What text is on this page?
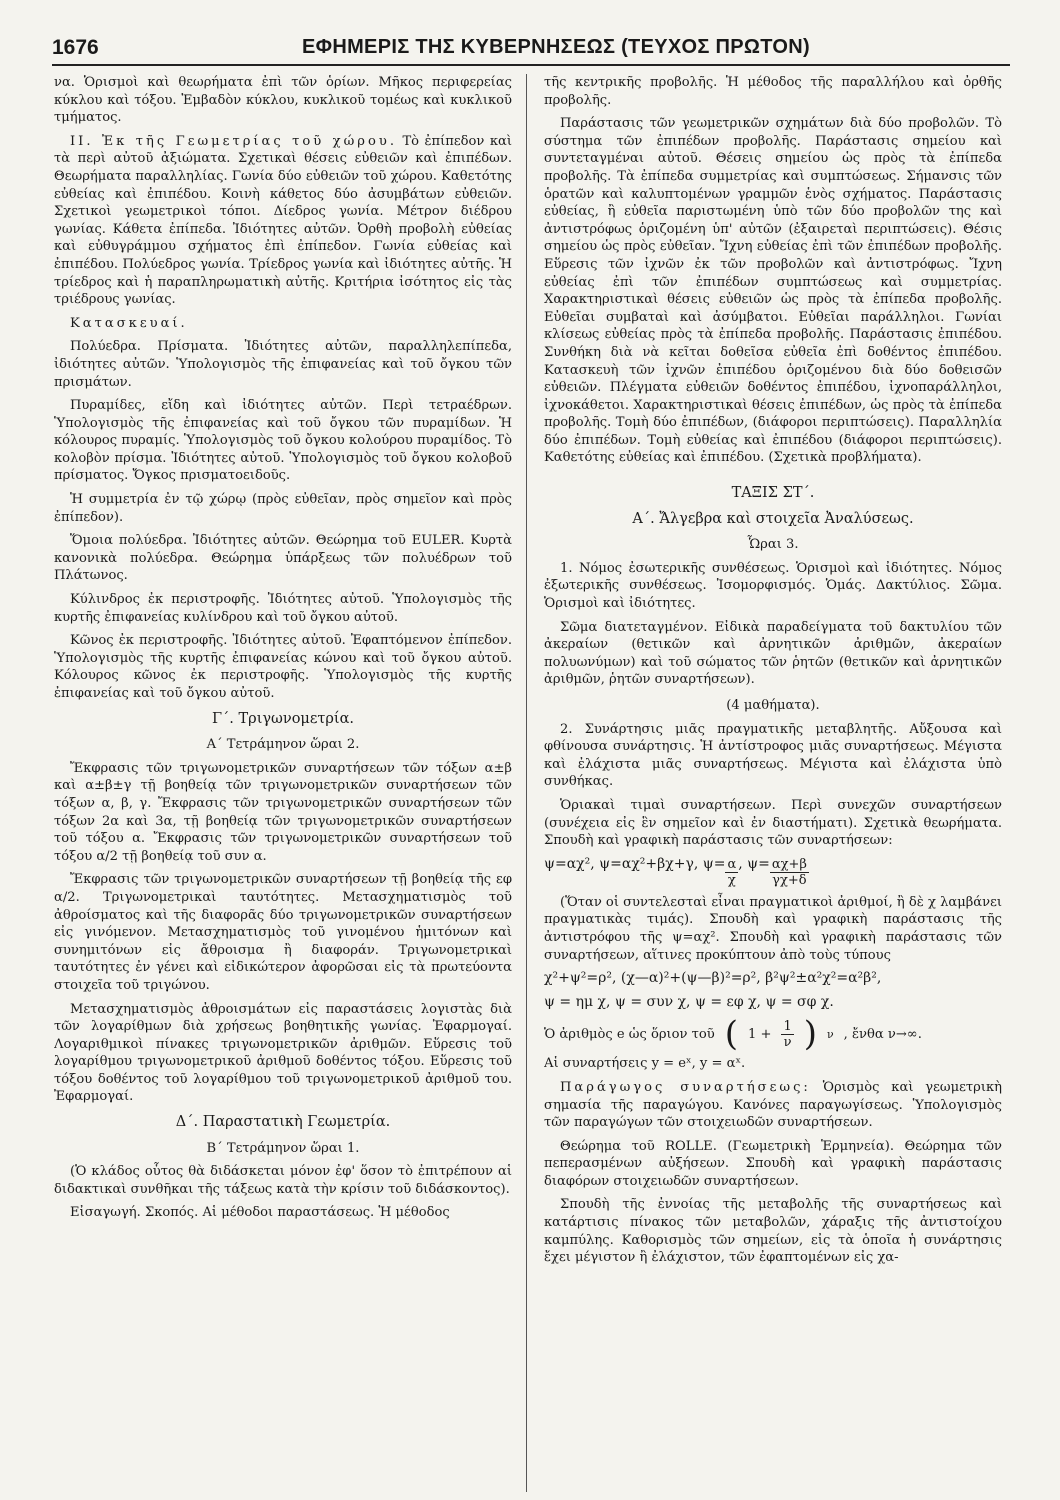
1676	ΕΦΗΜΕΡΙΣ ΤΗΣ ΚΥΒΕΡΝΗΣΕΩΣ (ΤΕΥΧΟΣ ΠΡΩΤΟΝ)

να. Ὁρισμοὶ καὶ θεωρήματα ἐπὶ τῶν ὁρίων. Μῆκος περιφερείας κύκλου καὶ τόξου. Ἐμβαδὸν κύκλου, κυκλικοῦ τομέως καὶ κυκλικοῦ τμήματος.

ΙΙ. Ἐκ τῆς Γεωμετρίας τοῦ χώρου. Τὸ ἐπίπεδον καὶ τὰ περὶ αὐτοῦ ἀξιώματα. Σχετικαὶ θέσεις εὐθειῶν καὶ ἐπιπέδων. Θεωρήματα παραλληλίας. Γωνία δύο εὐθειῶν τοῦ χώρου. Καθετότης εὐθείας καὶ ἐπιπέδου. Κοινὴ κάθετος δύο ἀσυμβάτων εὐθειῶν. Σχετικοὶ γεωμετρικοὶ τόποι. Δίεδρος γωνία. Μέτρον διέδρου γωνίας. Κάθετα ἐπίπεδα. Ἰδιότητες αὐτῶν. Ὀρθὴ προβολὴ εὐθείας καὶ εὐθυγράμμου σχήματος ἐπὶ ἐπίπεδον. Γωνία εὐθείας καὶ ἐπιπέδου. Πολύεδρος γωνία. Τρίεδρος γωνία καὶ ἰδιότητες αὐτῆς. Ἡ τρίεδρος καὶ ἡ παραπληρωματικὴ αὐτῆς. Κριτήρια ἰσότητος εἰς τὰς τριέδρους γωνίας.

Κατασκευαί.

Πολύεδρα. Πρίσματα. Ἰδιότητες αὐτῶν, παραλληλεπίπεδα, ἰδιότητες αὐτῶν. Ὑπολογισμὸς τῆς ἐπιφανείας καὶ τοῦ ὄγκου τῶν πρισμάτων.

Πυραμίδες, εἴδη καὶ ἰδιότητες αὐτῶν. Περὶ τετραέδρων. Ὑπολογισμὸς τῆς ἐπιφανείας καὶ τοῦ ὄγκου τῶν πυραμίδων. Ἡ κόλουρος πυραμίς. Ὑπολογισμὸς τοῦ ὄγκου κολούρου πυραμίδος. Τὸ κολοβὸν πρίσμα. Ἰδιότητες αὐτοῦ. Ὑπολογισμὸς τοῦ ὄγκου κολοβοῦ πρίσματος. Ὄγκος πρισματοειδοῦς.

Ἡ συμμετρία ἐν τῷ χώρῳ (πρὸς εὐθεῖαν, πρὸς σημεῖον καὶ πρὸς ἐπίπεδον).

Ὅμοια πολύεδρα. Ἰδιότητες αὐτῶν. Θεώρημα τοῦ EULER. Κυρτὰ κανονικὰ πολύεδρα. Θεώρημα ὑπάρξεως τῶν πολυέδρων τοῦ Πλάτωνος.

Κύλινδρος ἐκ περιστροφῆς. Ἰδιότητες αὐτοῦ. Ὑπολογισμὸς τῆς κυρτῆς ἐπιφανείας κυλίνδρου καὶ τοῦ ὄγκου αὐτοῦ.

Κῶνος ἐκ περιστροφῆς. Ἰδιότητες αὐτοῦ. Ἐφαπτόμενον ἐπίπεδον. Ὑπολογισμὸς τῆς κυρτῆς ἐπιφανείας κώνου καὶ τοῦ ὄγκου αὐτοῦ. Κόλουρος κῶνος ἐκ περιστροφῆς. Ὑπολογισμὸς τῆς κυρτῆς ἐπιφανείας καὶ τοῦ ὄγκου αὐτοῦ.

Γ΄. Τριγωνομετρία.

Α΄ Τετράμηνον ὥραι 2.

Ἔκφρασις τῶν τριγωνομετρικῶν συναρτήσεων τῶν τόξων α±β καὶ α±β±γ τῇ βοηθείᾳ τῶν τριγωνομετρικῶν συναρτήσεων τῶν τόξων α, β, γ. Ἔκφρασις τῶν τριγωνομετρικῶν συναρτήσεων τῶν τόξων 2α καὶ 3α, τῇ βοηθείᾳ τῶν τριγωνομετρικῶν συναρτήσεων τοῦ τόξου α. Ἔκφρασις τῶν τριγωνομετρικῶν συναρτήσεων τοῦ τόξου α/2 τῇ βοηθείᾳ τοῦ συν α.

Ἔκφρασις τῶν τριγωνομετρικῶν συναρτήσεων τῇ βοηθείᾳ τῆς εφ α/2. Τριγωνομετρικαὶ ταυτότητες. Μετασχηματισμὸς τοῦ ἀθροίσματος καὶ τῆς διαφορᾶς δύο τριγωνομετρικῶν συναρτήσεων εἰς γινόμενον. Μετασχηματισμὸς τοῦ γινομένου ἡμιτόνων καὶ συνημιτόνων εἰς ἄθροισμα ἢ διαφοράν. Τριγωνομετρικαὶ ταυτότητες ἐν γένει καὶ εἰδικώτερον ἀφορῶσαι εἰς τὰ πρωτεύοντα στοιχεῖα τοῦ τριγώνου.

Μετασχηματισμὸς ἀθροισμάτων εἰς παραστάσεις λογιστὰς διὰ τῶν λογαρίθμων διὰ χρήσεως βοηθητικῆς γωνίας. Ἐφαρμογαί. Λογαριθμικοὶ πίνακες τριγωνομετρικῶν ἀριθμῶν. Εὕρεσις τοῦ λογαρίθμου τριγωνομετρικοῦ ἀριθμοῦ δοθέντος τόξου. Εὕρεσις τοῦ τόξου δοθέντος τοῦ λογαρίθμου τοῦ τριγωνομετρικοῦ ἀριθμοῦ του. Ἐφαρμογαί.

Δ΄. Παραστατικὴ Γεωμετρία.

Β΄ Τετράμηνον ὥραι 1.

(Ὁ κλάδος οὗτος θὰ διδάσκεται μόνον ἐφ' ὅσον τὸ ἐπιτρέπουν αἱ διδακτικαὶ συνθῆκαι τῆς τάξεως κατὰ τὴν κρίσιν τοῦ διδάσκοντος).

Εἰσαγωγή. Σκοπός. Αἱ μέθοδοι παραστάσεως. Ἡ μέθοδος

τῆς κεντρικῆς προβολῆς. Ἡ μέθοδος τῆς παραλλήλου καὶ ὀρθῆς προβολῆς.

Παράστασις τῶν γεωμετρικῶν σχημάτων διὰ δύο προβολῶν. Τὸ σύστημα τῶν ἐπιπέδων προβολῆς. Παράστασις σημείου καὶ συντεταγμέναι αὐτοῦ. Θέσεις σημείου ὡς πρὸς τὰ ἐπίπεδα προβολῆς. Τὰ ἐπίπεδα συμμετρίας καὶ συμπτώσεως. Σήμανσις τῶν ὁρατῶν καὶ καλυπτομένων γραμμῶν ἑνὸς σχήματος. Παράστασις εὐθείας, ἢ εὐθεῖα παριστωμένη ὑπὸ τῶν δύο προβολῶν της καὶ ἀντιστρόφως ὁριζομένη ὑπ' αὐτῶν (ἐξαιρεταὶ περιπτώσεις). Θέσις σημείου ὡς πρὸς εὐθεῖαν. Ἴχνη εὐθείας ἐπὶ τῶν ἐπιπέδων προβολῆς. Εὕρεσις τῶν ἰχνῶν ἐκ τῶν προβολῶν καὶ ἀντιστρόφως. Ἴχνη εὐθείας ἐπὶ τῶν ἐπιπέδων συμπτώσεως καὶ συμμετρίας. Χαρακτηριστικαὶ θέσεις εὐθειῶν ὡς πρὸς τὰ ἐπίπεδα προβολῆς. Εὐθεῖαι συμβαταὶ καὶ ἀσύμβατοι. Εὐθεῖαι παράλληλοι. Γωνίαι κλίσεως εὐθείας πρὸς τὰ ἐπίπεδα προβολῆς. Παράστασις ἐπιπέδου. Συνθήκη διὰ νὰ κεῖται δοθεῖσα εὐθεῖα ἐπὶ δοθέντος ἐπιπέδου. Κατασκευὴ τῶν ἰχνῶν ἐπιπέδου ὁριζομένου διὰ δύο δοθεισῶν εὐθειῶν. Πλέγματα εὐθειῶν δοθέντος ἐπιπέδου, ἰχνοπαράλληλοι, ἰχνοκάθετοι. Χαρακτηριστικαὶ θέσεις ἐπιπέδων, ὡς πρὸς τὰ ἐπίπεδα προβολῆς. Τομὴ δύο ἐπιπέδων, (διάφοροι περιπτώσεις). Παραλληλία δύο ἐπιπέδων. Τομὴ εὐθείας καὶ ἐπιπέδου (διάφοροι περιπτώσεις). Καθετότης εὐθείας καὶ ἐπιπέδου. (Σχετικὰ προβλήματα).

ΤΑΞΙΣ ΣΤ΄.

Α΄. Ἄλγεβρα καὶ στοιχεῖα Ἀναλύσεως.

Ὧραι 3.

1. Νόμος ἐσωτερικῆς συνθέσεως. Ὁρισμοὶ καὶ ἰδιότητες. Νόμος ἐξωτερικῆς συνθέσεως. Ἰσομορφισμός. Ὁμάς. Δακτύλιος. Σῶμα. Ὁρισμοὶ καὶ ἰδιότητες.

Σῶμα διατεταγμένον. Εἰδικὰ παραδείγματα τοῦ δακτυλίου τῶν ἀκεραίων (θετικῶν καὶ ἀρνητικῶν ἀριθμῶν, ἀκεραίων πολυωνύμων) καὶ τοῦ σώματος τῶν ῥητῶν (θετικῶν καὶ ἀρνητικῶν ἀριθμῶν, ῥητῶν συναρτήσεων).

(4 μαθήματα).

2. Συνάρτησις μιᾶς πραγματικῆς μεταβλητῆς. Αὔξουσα καὶ φθίνουσα συνάρτησις. Ἡ ἀντίστροφος μιᾶς συναρτήσεως. Μέγιστα καὶ ἐλάχιστα μιᾶς συναρτήσεως. Μέγιστα καὶ ἐλάχιστα ὑπὸ συνθήκας.

Ὁριακαὶ τιμαὶ συναρτήσεων. Περὶ συνεχῶν συναρτήσεων (συνέχεια εἰς ἓν σημεῖον καὶ ἐν διαστήματι). Σχετικὰ θεωρήματα. Σπουδὴ καὶ γραφικὴ παράστασις τῶν συναρτήσεων:

ψ=αχ², ψ=αχ²+βχ+γ, $\psi= \frac{\alpha}{\chi}$ , $\psi= \frac{\alpha\chi+\beta}{\gamma\chi+\delta}$

(Ὅταν οἱ συντελεσταὶ εἶναι πραγματικοὶ ἀριθμοί, ἢ δὲ χ λαμβάνει πραγματικὰς τιμάς). Σπουδὴ καὶ γραφικὴ παράστασις τῆς ἀντιστρόφου τῆς ψ=αχ². Σπουδὴ καὶ γραφικὴ παράστασις τῶν συναρτήσεων, αἵτινες προκύπτουν ἀπὸ τοὺς τύπους

χ²+ψ²=ρ², (χ—α)²+(ψ—β)²=ρ², β²ψ²±α²χ²=α²β²,
ψ = ημ χ, ψ = συν χ, ψ = εφ χ, ψ = σφ χ.
Ὁ ἀριθμὸς e ὡς ὅριον τοῦ ( $1 + \frac{1}{\nu}$ ) ν , ἔνθα ν→∞.

Αἱ συναρτήσεις y = eˣ, y = αˣ.

Παράγωγος συναρτήσεως: Ὁρισμὸς καὶ γεωμετρικὴ σημασία τῆς παραγώγου. Κανόνες παραγωγίσεως. Ὑπολογισμὸς τῶν παραγώγων τῶν στοιχειωδῶν συναρτήσεων.

Θεώρημα τοῦ ROLLE. (Γεωμετρικὴ Ἑρμηνεία). Θεώρημα τῶν πεπερασμένων αὐξήσεων. Σπουδὴ καὶ γραφικὴ παράστασις διαφόρων στοιχειωδῶν συναρτήσεων.

Σπουδὴ τῆς ἐννοίας τῆς μεταβολῆς τῆς συναρτήσεως καὶ κατάρτισις πίνακος τῶν μεταβολῶν, χάραξις τῆς ἀντιστοίχου καμπύλης. Καθορισμὸς τῶν σημείων, εἰς τὰ ὁποῖα ἡ συνάρτησις ἔχει μέγιστον ἢ ἐλάχιστον, τῶν ἐφαπτομένων εἰς χα-
